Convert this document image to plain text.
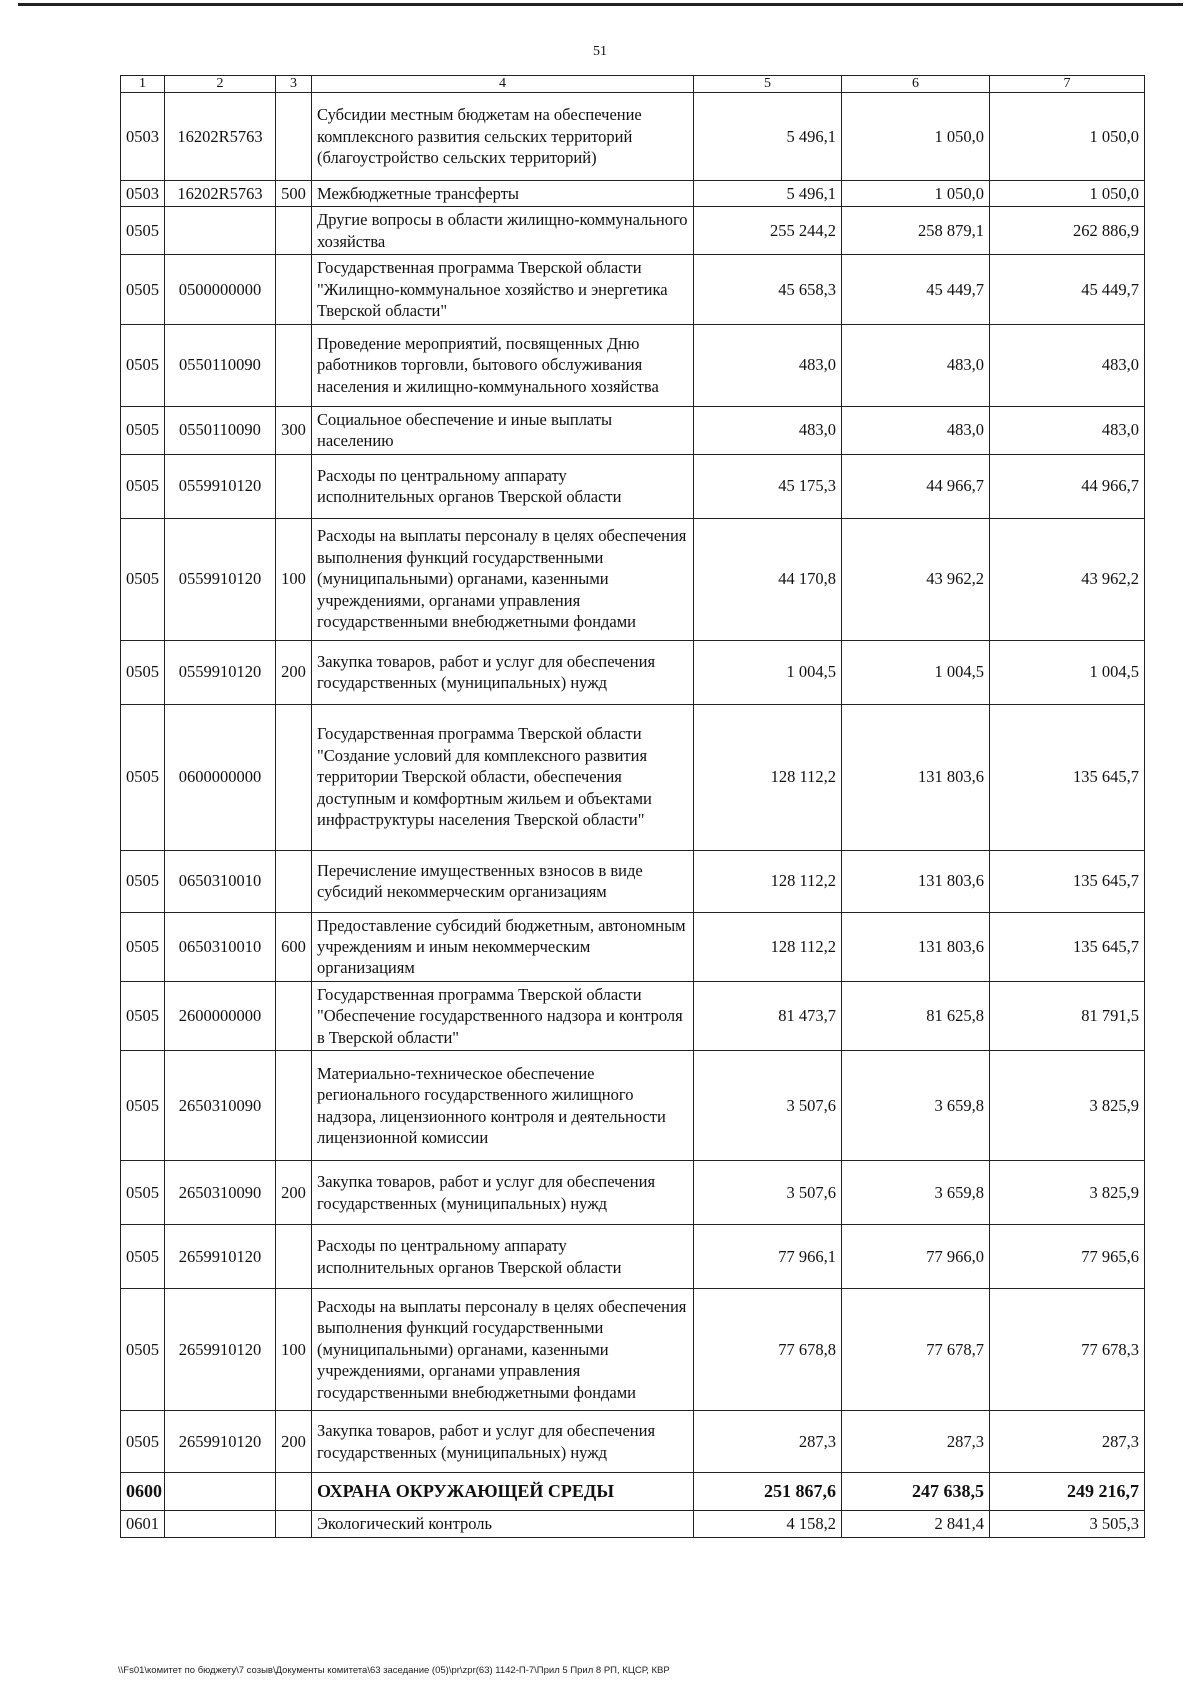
51
1	2	3	4	5	6	7
0503	16202R5763		Субсидии местным бюджетам на обеспечение комплексного развития сельских территорий (благоустройство сельских территорий)	5 496,1	1 050,0	1 050,0
0503	16202R5763	500	Межбюджетные трансферты	5 496,1	1 050,0	1 050,0
0505			Другие вопросы в области жилищно-коммунального хозяйства	255 244,2	258 879,1	262 886,9
0505	0500000000		Государственная программа Тверской области "Жилищно-коммунальное хозяйство и энергетика Тверской области"	45 658,3	45 449,7	45 449,7
0505	0550110090		Проведение мероприятий, посвященных Дню работников торговли, бытового обслуживания населения и жилищно-коммунального хозяйства	483,0	483,0	483,0
0505	0550110090	300	Социальное обеспечение и иные выплаты населению	483,0	483,0	483,0
0505	0559910120		Расходы по центральному аппарату исполнительных органов Тверской области	45 175,3	44 966,7	44 966,7
0505	0559910120	100	Расходы на выплаты персоналу в целях обеспечения выполнения функций государственными (муниципальными) органами, казенными учреждениями, органами управления государственными внебюджетными фондами	44 170,8	43 962,2	43 962,2
0505	0559910120	200	Закупка товаров, работ и услуг для обеспечения государственных (муниципальных) нужд	1 004,5	1 004,5	1 004,5
0505	0600000000		Государственная программа Тверской области "Создание условий для комплексного развития территории Тверской области, обеспечения доступным и комфортным жильем и объектами инфраструктуры населения Тверской области"	128 112,2	131 803,6	135 645,7
0505	0650310010		Перечисление имущественных взносов в виде субсидий некоммерческим организациям	128 112,2	131 803,6	135 645,7
0505	0650310010	600	Предоставление субсидий бюджетным, автономным учреждениям и иным некоммерческим организациям	128 112,2	131 803,6	135 645,7
0505	2600000000		Государственная программа Тверской области "Обеспечение государственного надзора и контроля в Тверской области"	81 473,7	81 625,8	81 791,5
0505	2650310090		Материально-техническое обеспечение регионального государственного жилищного надзора, лицензионного контроля и деятельности лицензионной комиссии	3 507,6	3 659,8	3 825,9
0505	2650310090	200	Закупка товаров, работ и услуг для обеспечения государственных (муниципальных) нужд	3 507,6	3 659,8	3 825,9
0505	2659910120		Расходы по центральному аппарату исполнительных органов Тверской области	77 966,1	77 966,0	77 965,6
0505	2659910120	100	Расходы на выплаты персоналу в целях обеспечения выполнения функций государственными (муниципальными) органами, казенными учреждениями, органами управления государственными внебюджетными фондами	77 678,8	77 678,7	77 678,3
0505	2659910120	200	Закупка товаров, работ и услуг для обеспечения государственных (муниципальных) нужд	287,3	287,3	287,3
0600			ОХРАНА ОКРУЖАЮЩЕЙ СРЕДЫ	251 867,6	247 638,5	249 216,7
0601			Экологический контроль	4 158,2	2 841,4	3 505,3
\\Fs01\комитет по бюджету\7 созыв\Документы комитета\63 заседание (05)\pr\zpr(63) 1142-П-7\Прил 5 Прил 8 РП, КЦСР, КВР
